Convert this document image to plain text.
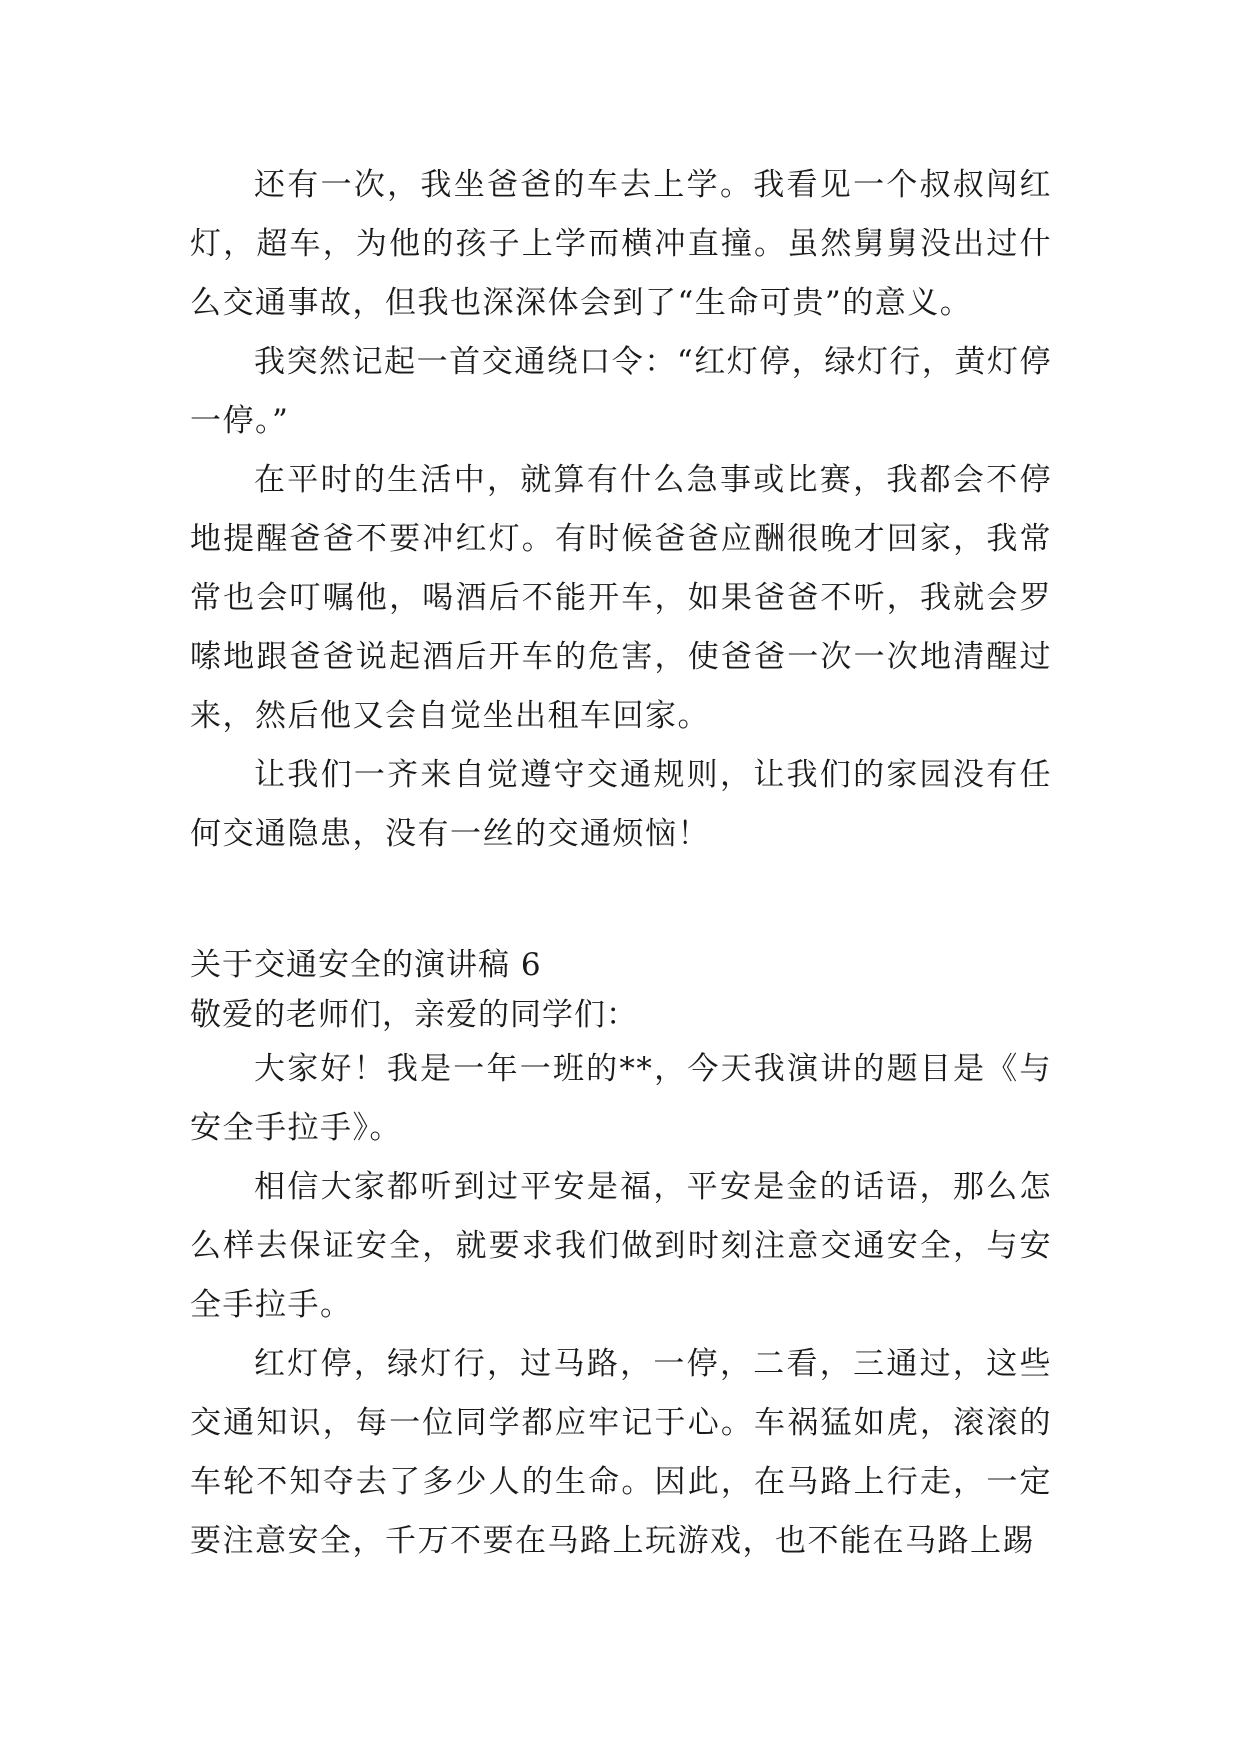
还有一次，我坐爸爸的车去上学。我看见一个叔叔闯红灯，超车，为他的孩子上学而横冲直撞。虽然舅舅没出过什么交通事故，但我也深深体会到了“生命可贵”的意义。

我突然记起一首交通绕口令：“红灯停，绿灯行，黄灯停一停。”

在平时的生活中，就算有什么急事或比赛，我都会不停地提醒爸爸不要冲红灯。有时候爸爸应酬很晚才回家，我常常也会叮嘱他，喝酒后不能开车，如果爸爸不听，我就会罗嗦地跟爸爸说起酒后开车的危害，使爸爸一次一次地清醒过来，然后他又会自觉坐出租车回家。

让我们一齐来自觉遵守交通规则，让我们的家园没有任何交通隐患，没有一丝的交通烦恼！

关于交通安全的演讲稿 6

敬爱的老师们，亲爱的同学们：

大家好！我是一年一班的**，今天我演讲的题目是《与安全手拉手》。

相信大家都听到过平安是福，平安是金的话语，那么怎么样去保证安全，就要求我们做到时刻注意交通安全，与安全手拉手。

红灯停，绿灯行，过马路，一停，二看，三通过，这些交通知识，每一位同学都应牢记于心。车祸猛如虎，滚滚的车轮不知夺去了多少人的生命。因此，在马路上行走，一定要注意安全，千万不要在马路上玩游戏，也不能在马路上踢
